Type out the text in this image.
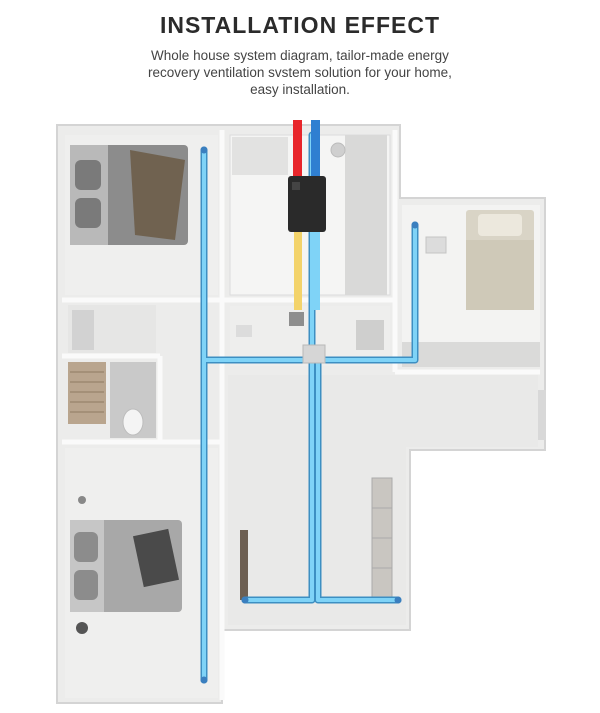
INSTALLATION EFFECT
Whole house system diagram, tailor-made energy
recovery ventilation svstem solution for your home,
easy installation.
